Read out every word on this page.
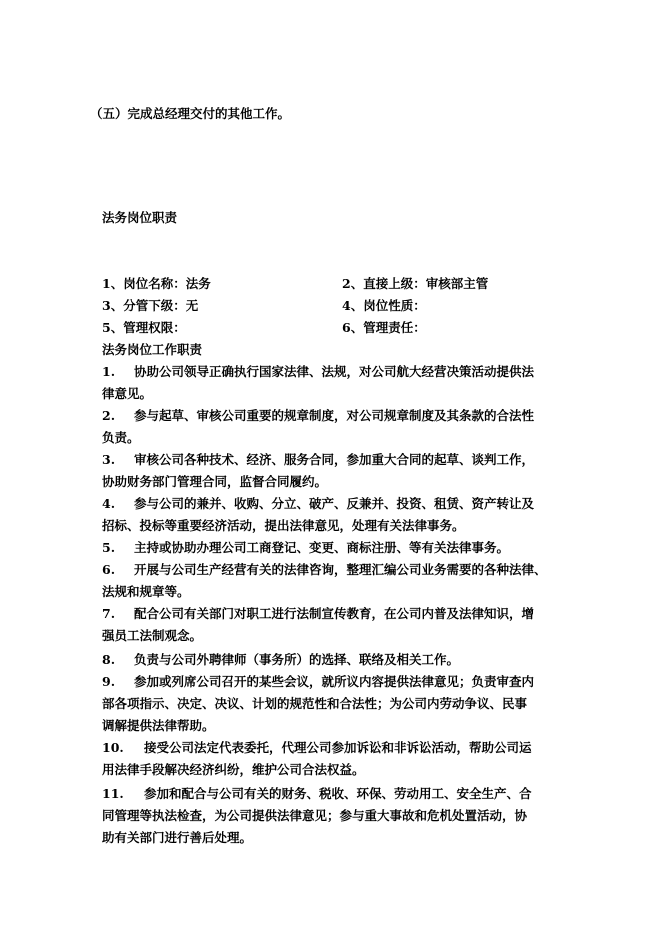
（五）完成总经理交付的其他工作。
法务岗位职责
1、岗位名称：法务	2、直接上级：审核部主管
3、分管下级：无	4、岗位性质：
5、管理权限：	6、管理责任：
法务岗位工作职责
1. 协助公司领导正确执行国家法律、法规，对公司航大经营决策活动提供法
律意见。
2. 参与起草、审核公司重要的规章制度，对公司规章制度及其条款的合法性
负责。
3. 审核公司各种技术、经济、服务合同，参加重大合同的起草、谈判工作，
协助财务部门管理合同，监督合同履约。
4. 参与公司的兼并、收购、分立、破产、反兼并、投资、租赁、资产转让及
招标、投标等重要经济活动，提出法律意见，处理有关法律事务。
5. 主持或协助办理公司工商登记、变更、商标注册、等有关法律事务。
6. 开展与公司生产经营有关的法律咨询，整理汇编公司业务需要的各种法律、
法规和规章等。
7. 配合公司有关部门对职工进行法制宣传教育，在公司内普及法律知识，增
强员工法制观念。
8. 负责与公司外聘律师（事务所）的选择、联络及相关工作。
9. 参加或列席公司召开的某些会议，就所议内容提供法律意见；负责审查内
部各项指示、决定、决议、计划的规范性和合法性；为公司内劳动争议、民事
调解提供法律帮助。
10. 接受公司法定代表委托，代理公司参加诉讼和非诉讼活动，帮助公司运
用法律手段解决经济纠纷，维护公司合法权益。
11. 参加和配合与公司有关的财务、税收、环保、劳动用工、安全生产、合
同管理等执法检查，为公司提供法律意见；参与重大事故和危机处置活动，协
助有关部门进行善后处理。
